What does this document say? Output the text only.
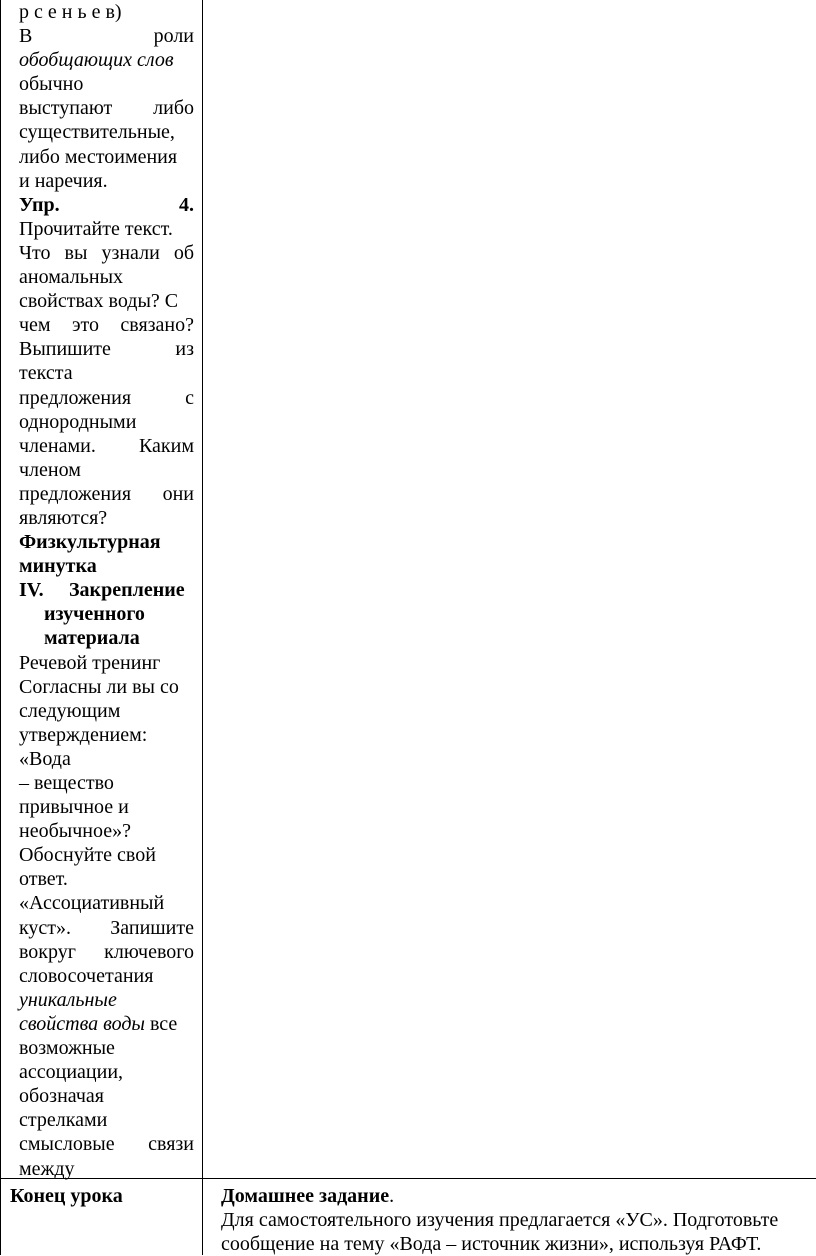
р с е н ь е в)

В	роли

обобщающих слов

обычно

выступают либо

существительные,

либо местоимения

и наречия.

Упр.	4.

Прочитайте текст.

Что вы узнали об

аномальных

свойствах воды? С

чем это связано?

Выпишите	из

текста

предложения	с

однородными

членами. Каким

членом

предложения они

являются?

Физкультурная

минутка

IV. Закрепление

изученного

материала

Речевой тренинг

Согласны ли вы со

следующим

утверждением:

«Вода

– вещество

привычное и

необычное»?

Обоснуйте свой

ответ.

«Ассоциативный

куст». Запишите

вокруг ключевого

словосочетания

уникальные

свойства воды все

возможные

ассоциации,

обозначая

стрелками

смысловые связи

между

Конец урока	Домашнее задание.

Для самостоятельного изучения предлагается «УС». Подготовьте

сообщение на тему «Вода – источник жизни», используя РАФТ.
